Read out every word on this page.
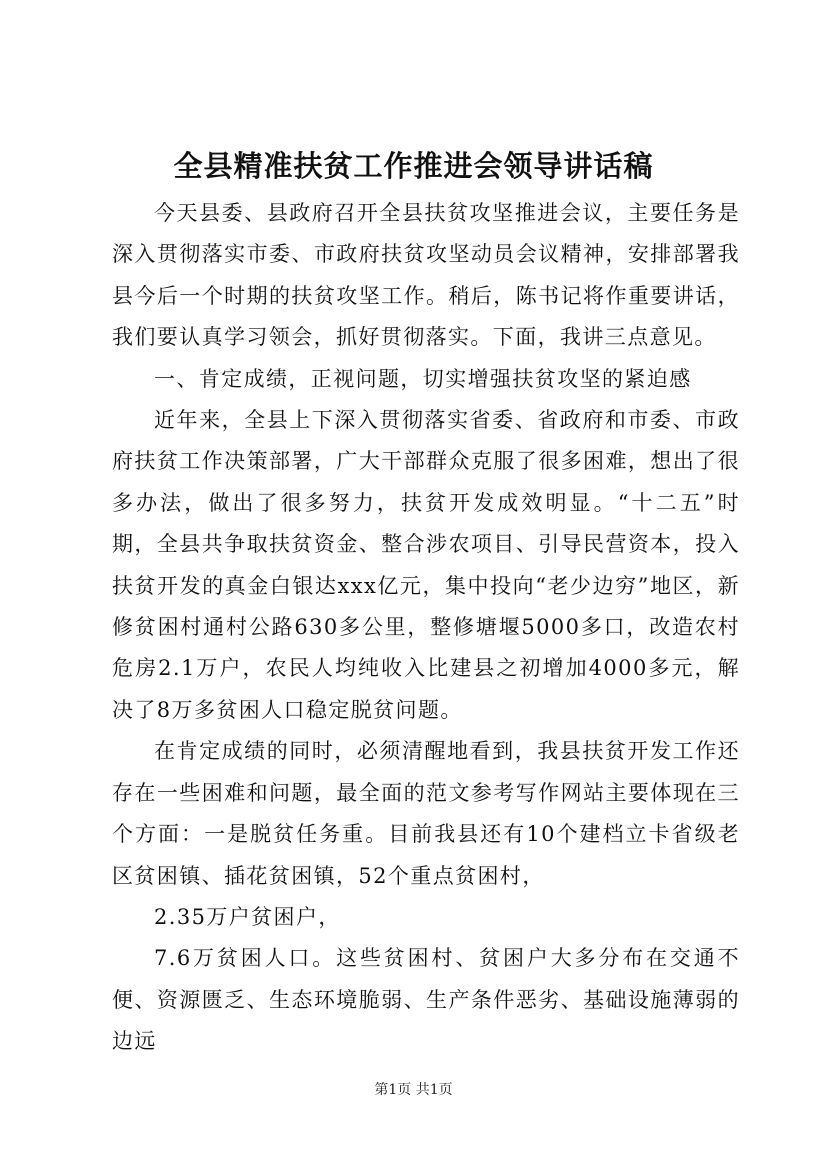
全县精准扶贫工作推进会领导讲话稿

今天县委、县政府召开全县扶贫攻坚推进会议，主要任务是深入贯彻落实市委、市政府扶贫攻坚动员会议精神，安排部署我县今后一个时期的扶贫攻坚工作。稍后，陈书记将作重要讲话，我们要认真学习领会，抓好贯彻落实。下面，我讲三点意见。

一、肯定成绩，正视问题，切实增强扶贫攻坚的紧迫感

近年来，全县上下深入贯彻落实省委、省政府和市委、市政府扶贫工作决策部署，广大干部群众克服了很多困难，想出了很多办法，做出了很多努力，扶贫开发成效明显。“十二五”时期，全县共争取扶贫资金、整合涉农项目、引导民营资本，投入扶贫开发的真金白银达xxx亿元，集中投向“老少边穷”地区，新修贫困村通村公路630多公里，整修塘堰5000多口，改造农村危房2.1万户，农民人均纯收入比建县之初增加4000多元，解决了8万多贫困人口稳定脱贫问题。

在肯定成绩的同时，必须清醒地看到，我县扶贫开发工作还存在一些困难和问题，最全面的范文参考写作网站主要体现在三个方面：一是脱贫任务重。目前我县还有10个建档立卡省级老区贫困镇、插花贫困镇，52个重点贫困村，

2.35万户贫困户，

7.6万贫困人口。这些贫困村、贫困户大多分布在交通不便、资源匮乏、生态环境脆弱、生产条件恶劣、基础设施薄弱的边远

第1页 共1页
